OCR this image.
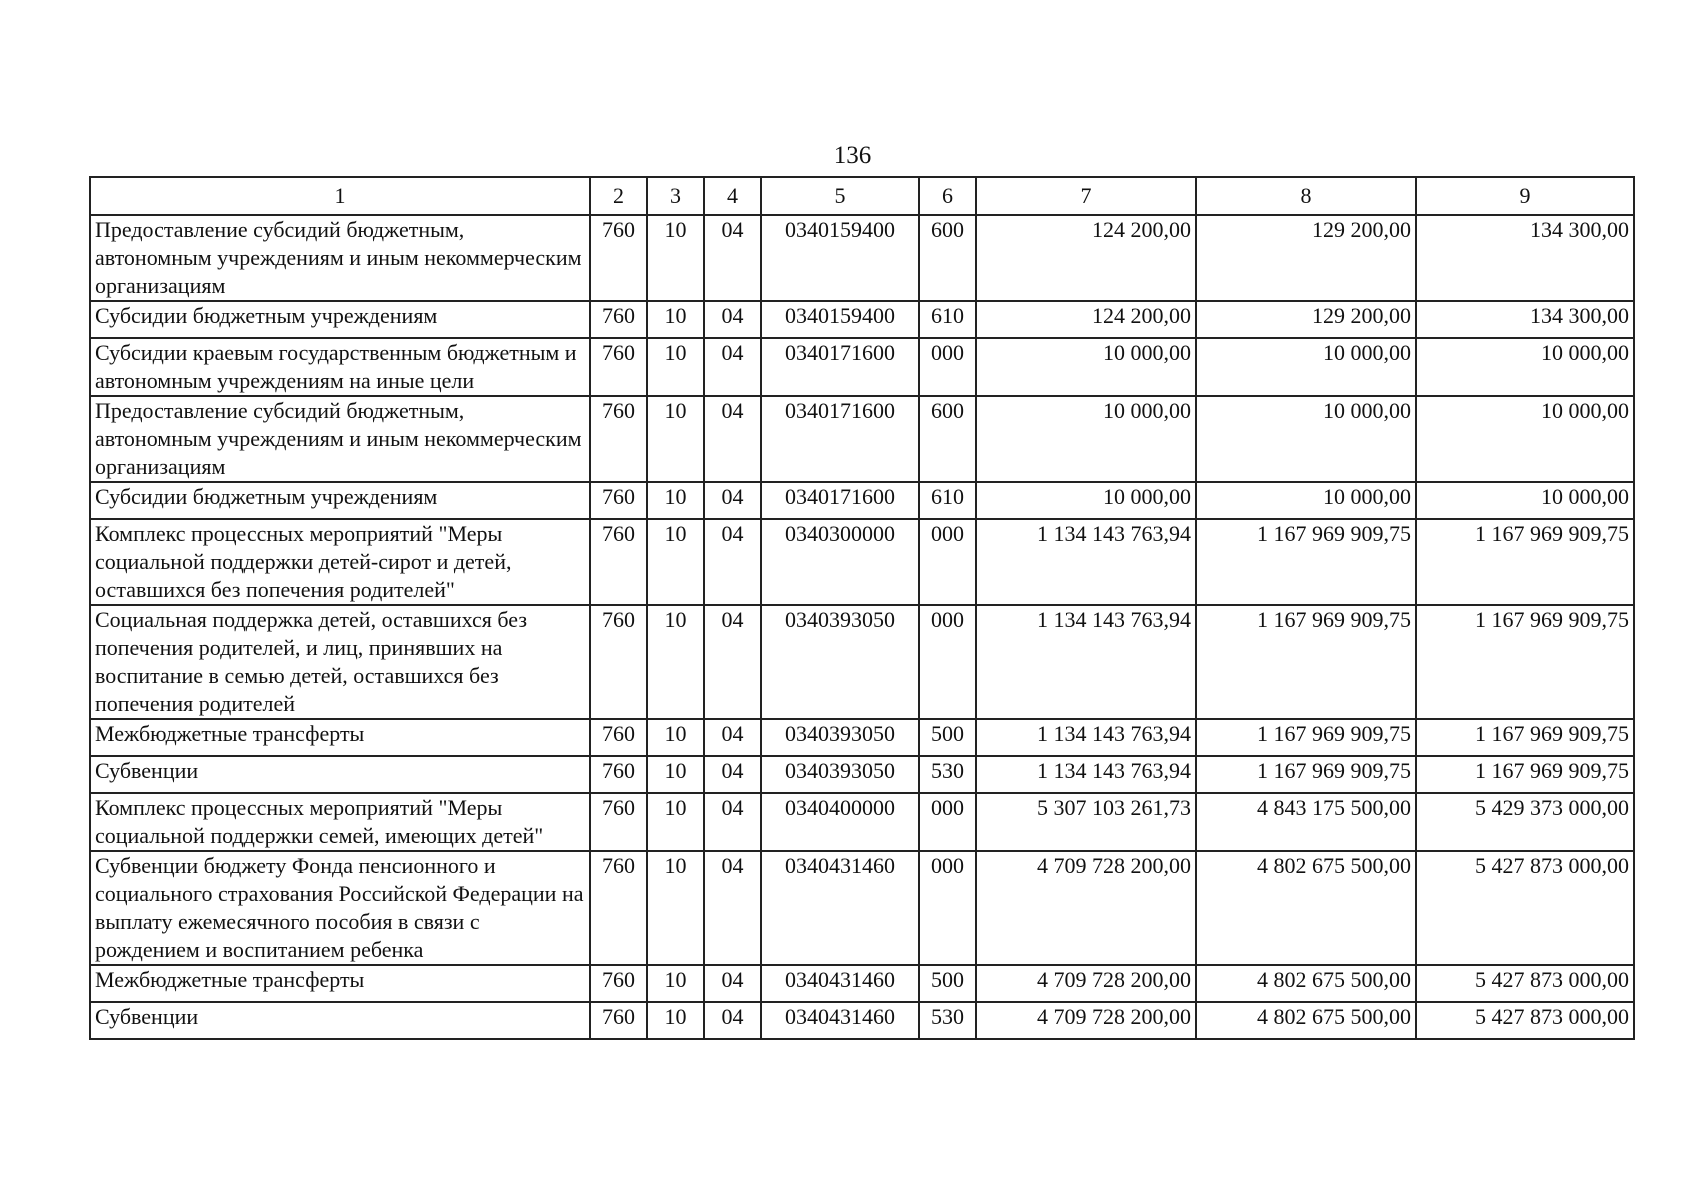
136
1	2	3	4	5	6	7	8	9
Предоставление субсидий бюджетным, автономным учреждениям и иным некоммерческим организациям	760	10	04	0340159400	600	124 200,00	129 200,00	134 300,00
Субсидии бюджетным учреждениям	760	10	04	0340159400	610	124 200,00	129 200,00	134 300,00
Субсидии краевым государственным бюджетным и автономным учреждениям на иные цели	760	10	04	0340171600	000	10 000,00	10 000,00	10 000,00
Предоставление субсидий бюджетным, автономным учреждениям и иным некоммерческим организациям	760	10	04	0340171600	600	10 000,00	10 000,00	10 000,00
Субсидии бюджетным учреждениям	760	10	04	0340171600	610	10 000,00	10 000,00	10 000,00
Комплекс процессных мероприятий "Меры социальной поддержки детей-сирот и детей, оставшихся без попечения родителей"	760	10	04	0340300000	000	1 134 143 763,94	1 167 969 909,75	1 167 969 909,75
Социальная поддержка детей, оставшихся без попечения родителей, и лиц, принявших на воспитание в семью детей, оставшихся без попечения родителей	760	10	04	0340393050	000	1 134 143 763,94	1 167 969 909,75	1 167 969 909,75
Межбюджетные трансферты	760	10	04	0340393050	500	1 134 143 763,94	1 167 969 909,75	1 167 969 909,75
Субвенции	760	10	04	0340393050	530	1 134 143 763,94	1 167 969 909,75	1 167 969 909,75
Комплекс процессных мероприятий "Меры социальной поддержки семей, имеющих детей"	760	10	04	0340400000	000	5 307 103 261,73	4 843 175 500,00	5 429 373 000,00
Субвенции бюджету Фонда пенсионного и социального страхования Российской Федерации на выплату ежемесячного пособия в связи с рождением и воспитанием ребенка	760	10	04	0340431460	000	4 709 728 200,00	4 802 675 500,00	5 427 873 000,00
Межбюджетные трансферты	760	10	04	0340431460	500	4 709 728 200,00	4 802 675 500,00	5 427 873 000,00
Субвенции	760	10	04	0340431460	530	4 709 728 200,00	4 802 675 500,00	5 427 873 000,00
